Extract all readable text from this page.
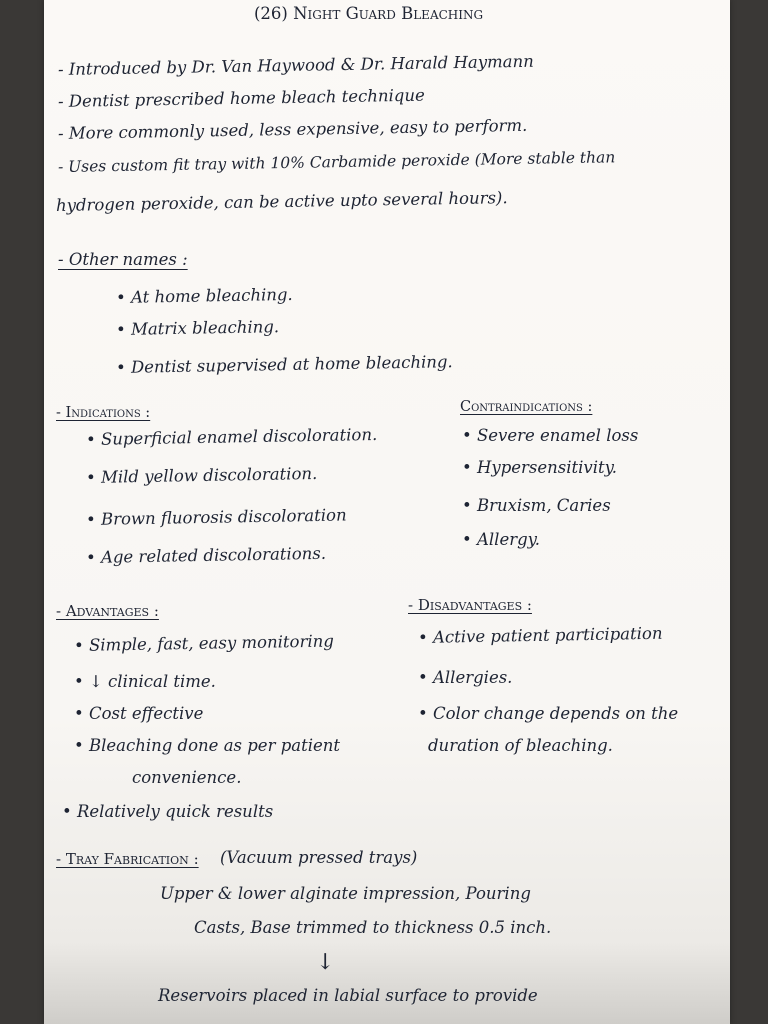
(26) Night Guard Bleaching
- Introduced by Dr. Van Haywood & Dr. Harald Haymann
- Dentist prescribed home bleach technique
- More commonly used, less expensive, easy to perform.
- Uses custom fit tray with 10% Carbamide peroxide (More stable than
hydrogen peroxide, can be active upto several hours).
- Other names :
• At home bleaching.
• Matrix bleaching.
• Dentist supervised at home bleaching.
- Indications :
• Superficial enamel discoloration.
• Mild yellow discoloration.
• Brown fluorosis discoloration
• Age related discolorations.
Contraindications :
• Severe enamel loss
• Hypersensitivity.
• Bruxism, Caries
• Allergy.
- Advantages :
• Simple, fast, easy monitoring
• ↓ clinical time.
• Cost effective
• Bleaching done as per patient
convenience.
• Relatively quick results
- Disadvantages :
• Active patient participation
• Allergies.
• Color change depends on the
duration of bleaching.
- Tray Fabrication : (Vacuum pressed trays)
Upper & lower alginate impression, Pouring
Casts, Base trimmed to thickness 0.5 inch.
↓
Reservoirs placed in labial surface to provide
